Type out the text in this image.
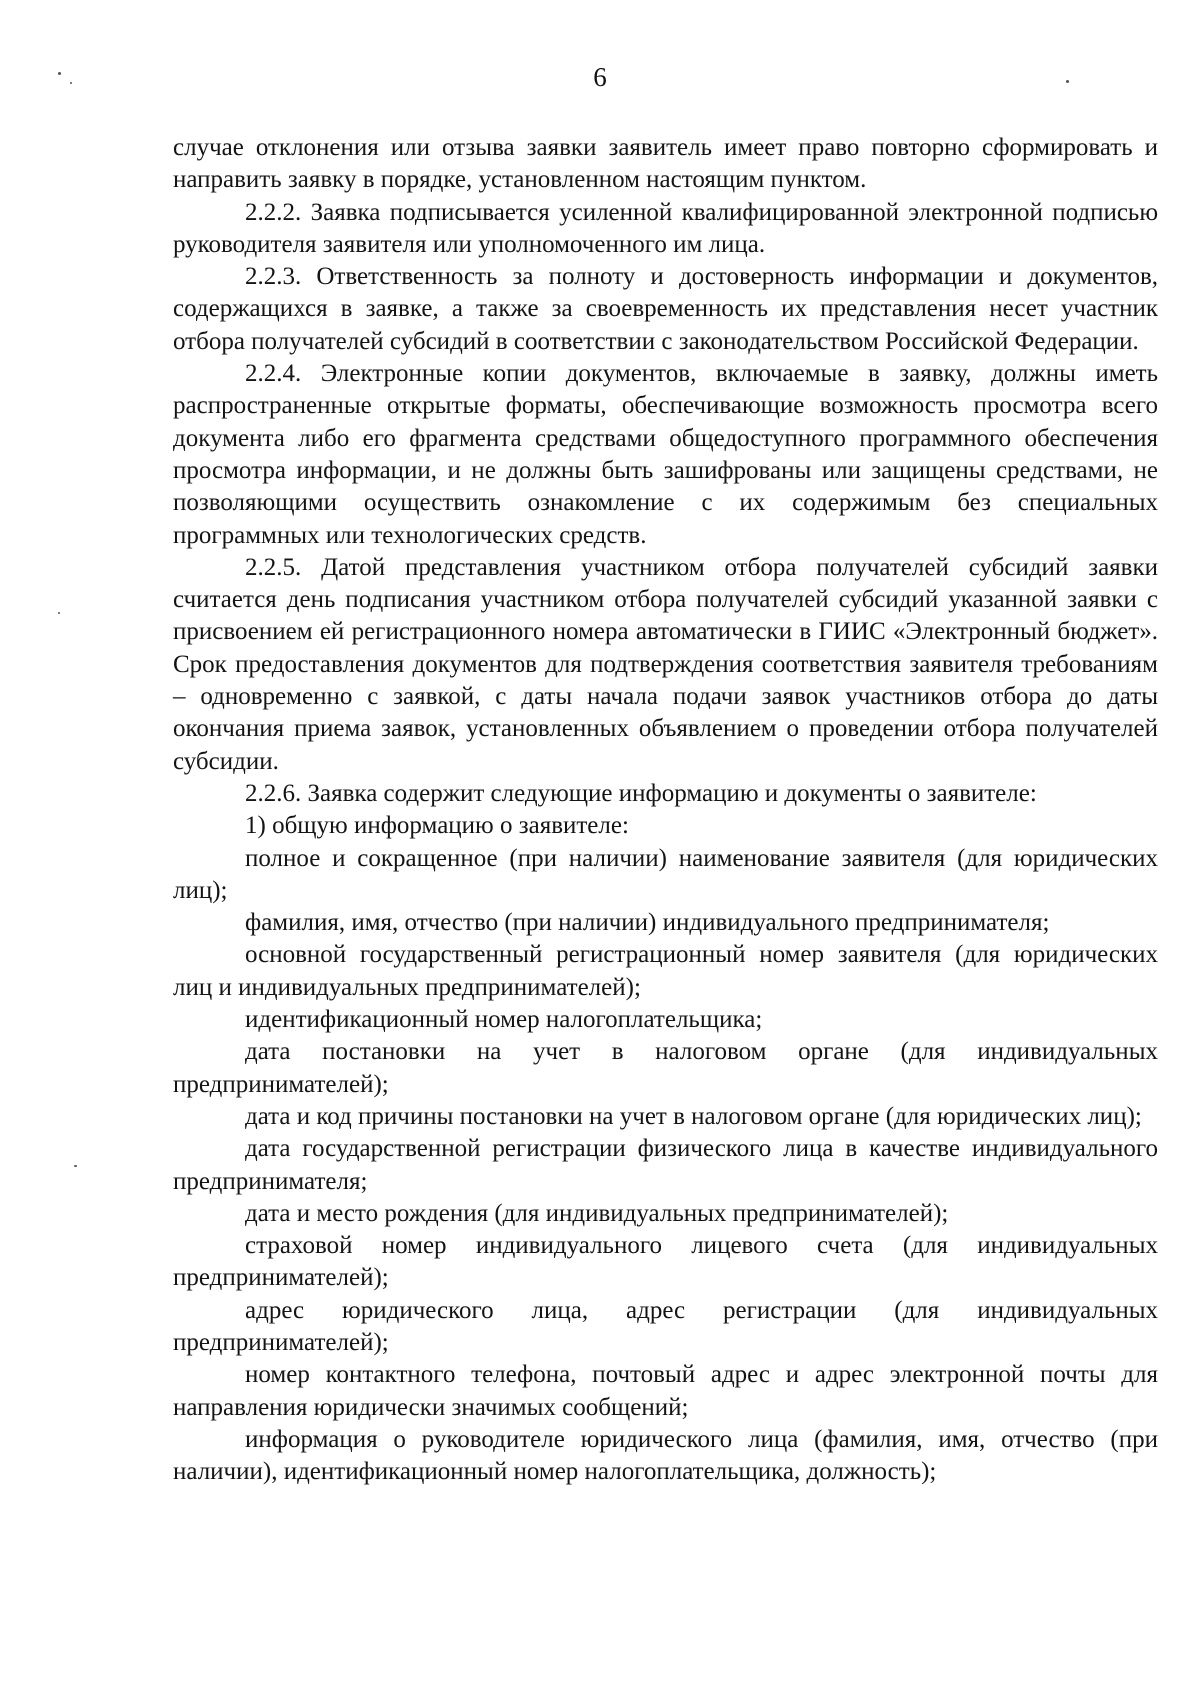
6

случае отклонения или отзыва заявки заявитель имеет право повторно сформировать и направить заявку в порядке, установленном настоящим пунктом.

2.2.2. Заявка подписывается усиленной квалифицированной электронной подписью руководителя заявителя или уполномоченного им лица.

2.2.3. Ответственность за полноту и достоверность информации и документов, содержащихся в заявке, а также за своевременность их представления несет участник отбора получателей субсидий в соответствии с законодательством Российской Федерации.

2.2.4. Электронные копии документов, включаемые в заявку, должны иметь распространенные открытые форматы, обеспечивающие возможность просмотра всего документа либо его фрагмента средствами общедоступного программного обеспечения просмотра информации, и не должны быть зашифрованы или защищены средствами, не позволяющими осуществить ознакомление с их содержимым без специальных программных или технологических средств.

2.2.5. Датой представления участником отбора получателей субсидий заявки считается день подписания участником отбора получателей субсидий указанной заявки с присвоением ей регистрационного номера автоматически в ГИИС «Электронный бюджет». Срок предоставления документов для подтверждения соответствия заявителя требованиям – одновременно с заявкой, с даты начала подачи заявок участников отбора до даты окончания приема заявок, установленных объявлением о проведении отбора получателей субсидии.

2.2.6. Заявка содержит следующие информацию и документы о заявителе:

1) общую информацию о заявителе:

полное и сокращенное (при наличии) наименование заявителя (для юридических лиц);

фамилия, имя, отчество (при наличии) индивидуального предпринимателя;

основной государственный регистрационный номер заявителя (для юридических лиц и индивидуальных предпринимателей);

идентификационный номер налогоплательщика;

дата постановки на учет в налоговом органе (для индивидуальных предпринимателей);

дата и код причины постановки на учет в налоговом органе (для юридических лиц);

дата государственной регистрации физического лица в качестве индивидуального предпринимателя;

дата и место рождения (для индивидуальных предпринимателей);

страховой номер индивидуального лицевого счета (для индивидуальных предпринимателей);

адрес юридического лица, адрес регистрации (для индивидуальных предпринимателей);

номер контактного телефона, почтовый адрес и адрес электронной почты для направления юридически значимых сообщений;

информация о руководителе юридического лица (фамилия, имя, отчество (при наличии), идентификационный номер налогоплательщика, должность);
